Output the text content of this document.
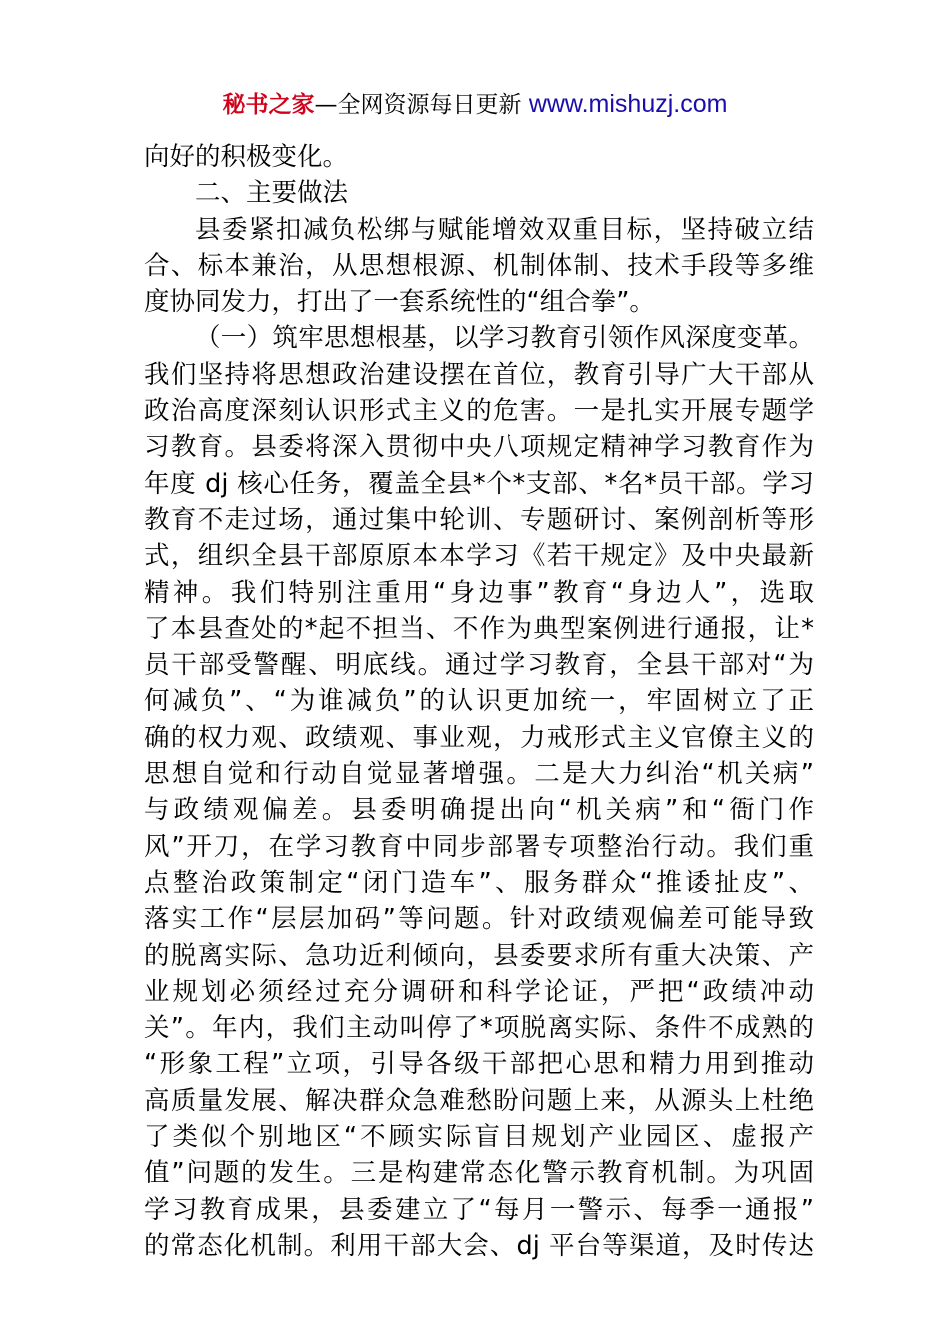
秘书之家—全网资源每日更新 www.mishuzj.com
向好的积极变化。
二、主要做法
县委紧扣减负松绑与赋能增效双重目标，坚持破立结
合、标本兼治，从思想根源、机制体制、技术手段等多维
度协同发力，打出了一套系统性的“组合拳”。
（一）筑牢思想根基，以学习教育引领作风深度变革。
我们坚持将思想政治建设摆在首位，教育引导广大干部从
政治高度深刻认识形式主义的危害。一是扎实开展专题学
习教育。县委将深入贯彻中央八项规定精神学习教育作为
年度 dj 核心任务，覆盖全县*个*支部、*名*员干部。学习
教育不走过场，通过集中轮训、专题研讨、案例剖析等形
式，组织全县干部原原本本学习《若干规定》及中央最新
精神。我们特别注重用“身边事”教育“身边人”，选取
了本县查处的*起不担当、不作为典型案例进行通报，让*
员干部受警醒、明底线。通过学习教育，全县干部对“为
何减负”、“为谁减负”的认识更加统一，牢固树立了正
确的权力观、政绩观、事业观，力戒形式主义官僚主义的
思想自觉和行动自觉显著增强。二是大力纠治“机关病”
与政绩观偏差。县委明确提出向“机关病”和“衙门作
风”开刀，在学习教育中同步部署专项整治行动。我们重
点整治政策制定“闭门造车”、服务群众“推诿扯皮”、
落实工作“层层加码”等问题。针对政绩观偏差可能导致
的脱离实际、急功近利倾向，县委要求所有重大决策、产
业规划必须经过充分调研和科学论证，严把“政绩冲动
关”。年内，我们主动叫停了*项脱离实际、条件不成熟的
“形象工程”立项，引导各级干部把心思和精力用到推动
高质量发展、解决群众急难愁盼问题上来，从源头上杜绝
了类似个别地区“不顾实际盲目规划产业园区、虚报产
值”问题的发生。三是构建常态化警示教育机制。为巩固
学习教育成果，县委建立了“每月一警示、每季一通报”
的常态化机制。利用干部大会、dj 平台等渠道，及时传达
